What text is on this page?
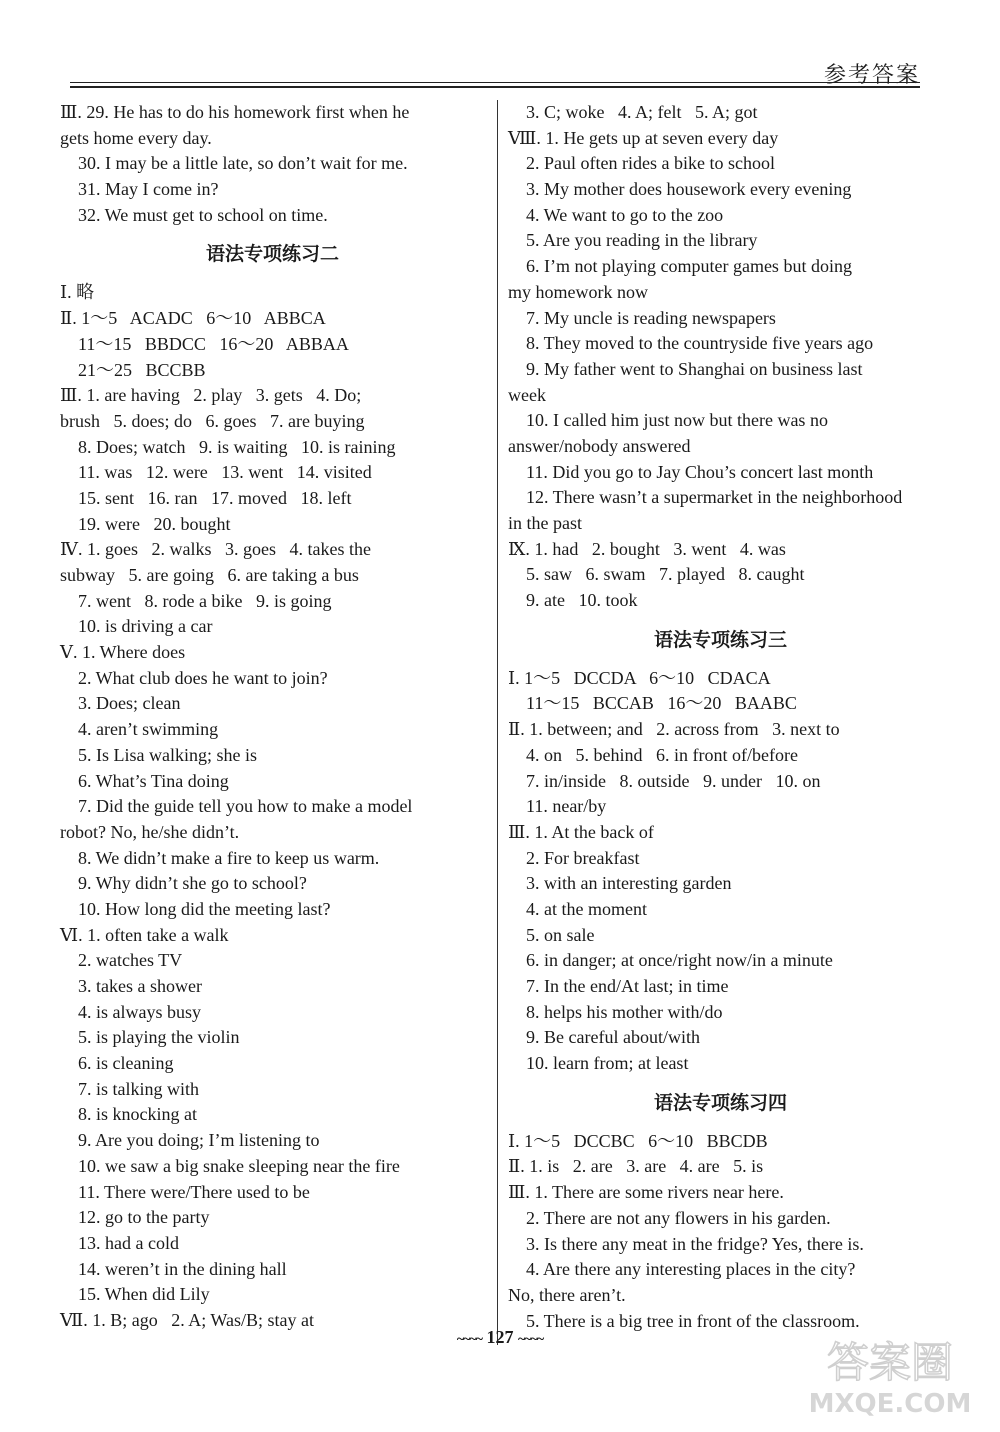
参考答案
Ⅲ. 29. He has to do his homework first when he
gets home every day.
30. I may be a little late, so don’t wait for me.
31. May I come in?
32. We must get to school on time.
语法专项练习二
Ⅰ. 略
Ⅱ. 1～5   ACADC   6～10   ABBCA
11～15   BBDCC   16～20   ABBAA
21～25   BCCBB
Ⅲ. 1. are having   2. play   3. gets   4. Do;
brush   5. does; do   6. goes   7. are buying
8. Does; watch   9. is waiting   10. is raining
11. was   12. were   13. went   14. visited
15. sent   16. ran   17. moved   18. left
19. were   20. bought
Ⅳ. 1. goes   2. walks   3. goes   4. takes the
subway   5. are going   6. are taking a bus
7. went   8. rode a bike   9. is going
10. is driving a car
Ⅴ. 1. Where does
2. What club does he want to join?
3. Does; clean
4. aren’t swimming
5. Is Lisa walking; she is
6. What’s Tina doing
7. Did the guide tell you how to make a model
robot? No, he/she didn’t.
8. We didn’t make a fire to keep us warm.
9. Why didn’t she go to school?
10. How long did the meeting last?
Ⅵ. 1. often take a walk
2. watches TV
3. takes a shower
4. is always busy
5. is playing the violin
6. is cleaning
7. is talking with
8. is knocking at
9. Are you doing; I’m listening to
10. we saw a big snake sleeping near the fire
11. There were/There used to be
12. go to the party
13. had a cold
14. weren’t in the dining hall
15. When did Lily
Ⅶ. 1. B; ago   2. A; Was/B; stay at
3. C; woke   4. A; felt   5. A; got
Ⅷ. 1. He gets up at seven every day
2. Paul often rides a bike to school
3. My mother does housework every evening
4. We want to go to the zoo
5. Are you reading in the library
6. I’m not playing computer games but doing
my homework now
7. My uncle is reading newspapers
8. They moved to the countryside five years ago
9. My father went to Shanghai on business last
week
10. I called him just now but there was no
answer/nobody answered
11. Did you go to Jay Chou’s concert last month
12. There wasn’t a supermarket in the neighborhood
in the past
Ⅸ. 1. had   2. bought   3. went   4. was
5. saw   6. swam   7. played   8. caught
9. ate   10. took
语法专项练习三
Ⅰ. 1～5   DCCDA   6～10   CDACA
11～15   BCCAB   16～20   BAABC
Ⅱ. 1. between; and   2. across from   3. next to
4. on   5. behind   6. in front of/before
7. in/inside   8. outside   9. under   10. on
11. near/by
Ⅲ. 1. At the back of
2. For breakfast
3. with an interesting garden
4. at the moment
5. on sale
6. in danger; at once/right now/in a minute
7. In the end/At last; in time
8. helps his mother with/do
9. Be careful about/with
10. learn from; at least
语法专项练习四
Ⅰ. 1～5   DCCBC   6～10   BBCDB
Ⅱ. 1. is   2. are   3. are   4. are   5. is
Ⅲ. 1. There are some rivers near here.
2. There are not any flowers in his garden.
3. Is there any meat in the fridge? Yes, there is.
4. Are there any interesting places in the city?
No, there aren’t.
5. There is a big tree in front of the classroom.
~~~~ 127 ~~~~	答案圈
MXQE.COM
